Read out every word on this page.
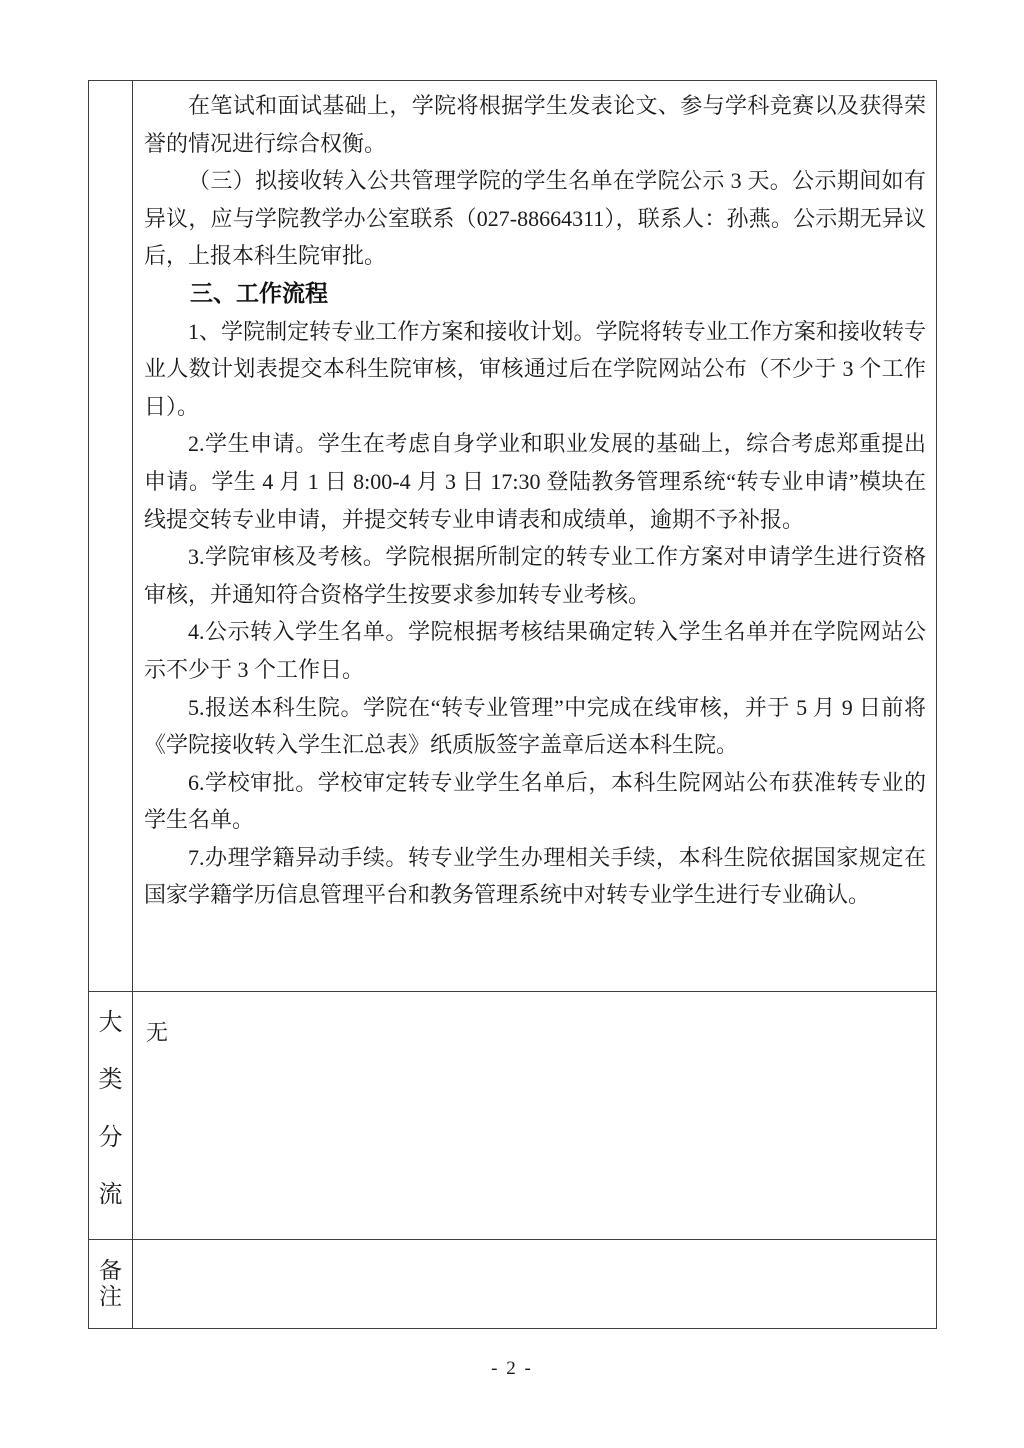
在笔试和面试基础上，学院将根据学生发表论文、参与学科竞赛以及获得荣誉的情况进行综合权衡。

（三）拟接收转入公共管理学院的学生名单在学院公示 3 天。公示期间如有异议，应与学院教学办公室联系（027-88664311），联系人：孙燕。公示期无异议后，上报本科生院审批。

三、工作流程

1、学院制定转专业工作方案和接收计划。学院将转专业工作方案和接收转专业人数计划表提交本科生院审核，审核通过后在学院网站公布（不少于 3 个工作日）。

2.学生申请。学生在考虑自身学业和职业发展的基础上，综合考虑郑重提出申请。学生 4 月 1 日 8:00-4 月 3 日 17:30 登陆教务管理系统“转专业申请”模块在线提交转专业申请，并提交转专业申请表和成绩单，逾期不予补报。

3.学院审核及考核。学院根据所制定的转专业工作方案对申请学生进行资格审核，并通知符合资格学生按要求参加转专业考核。

4.公示转入学生名单。学院根据考核结果确定转入学生名单并在学院网站公示不少于 3 个工作日。

5.报送本科生院。学院在“转专业管理”中完成在线审核，并于 5 月 9 日前将《学院接收转入学生汇总表》纸质版签字盖章后送本科生院。

6.学校审批。学校审定转专业学生名单后，本科生院网站公布获准转专业的学生名单。

7.办理学籍异动手续。转专业学生办理相关手续，本科生院依据国家规定在国家学籍学历信息管理平台和教务管理系统中对转专业学生进行专业确认。

大
类
分
流
无
备
注
- 2 -
